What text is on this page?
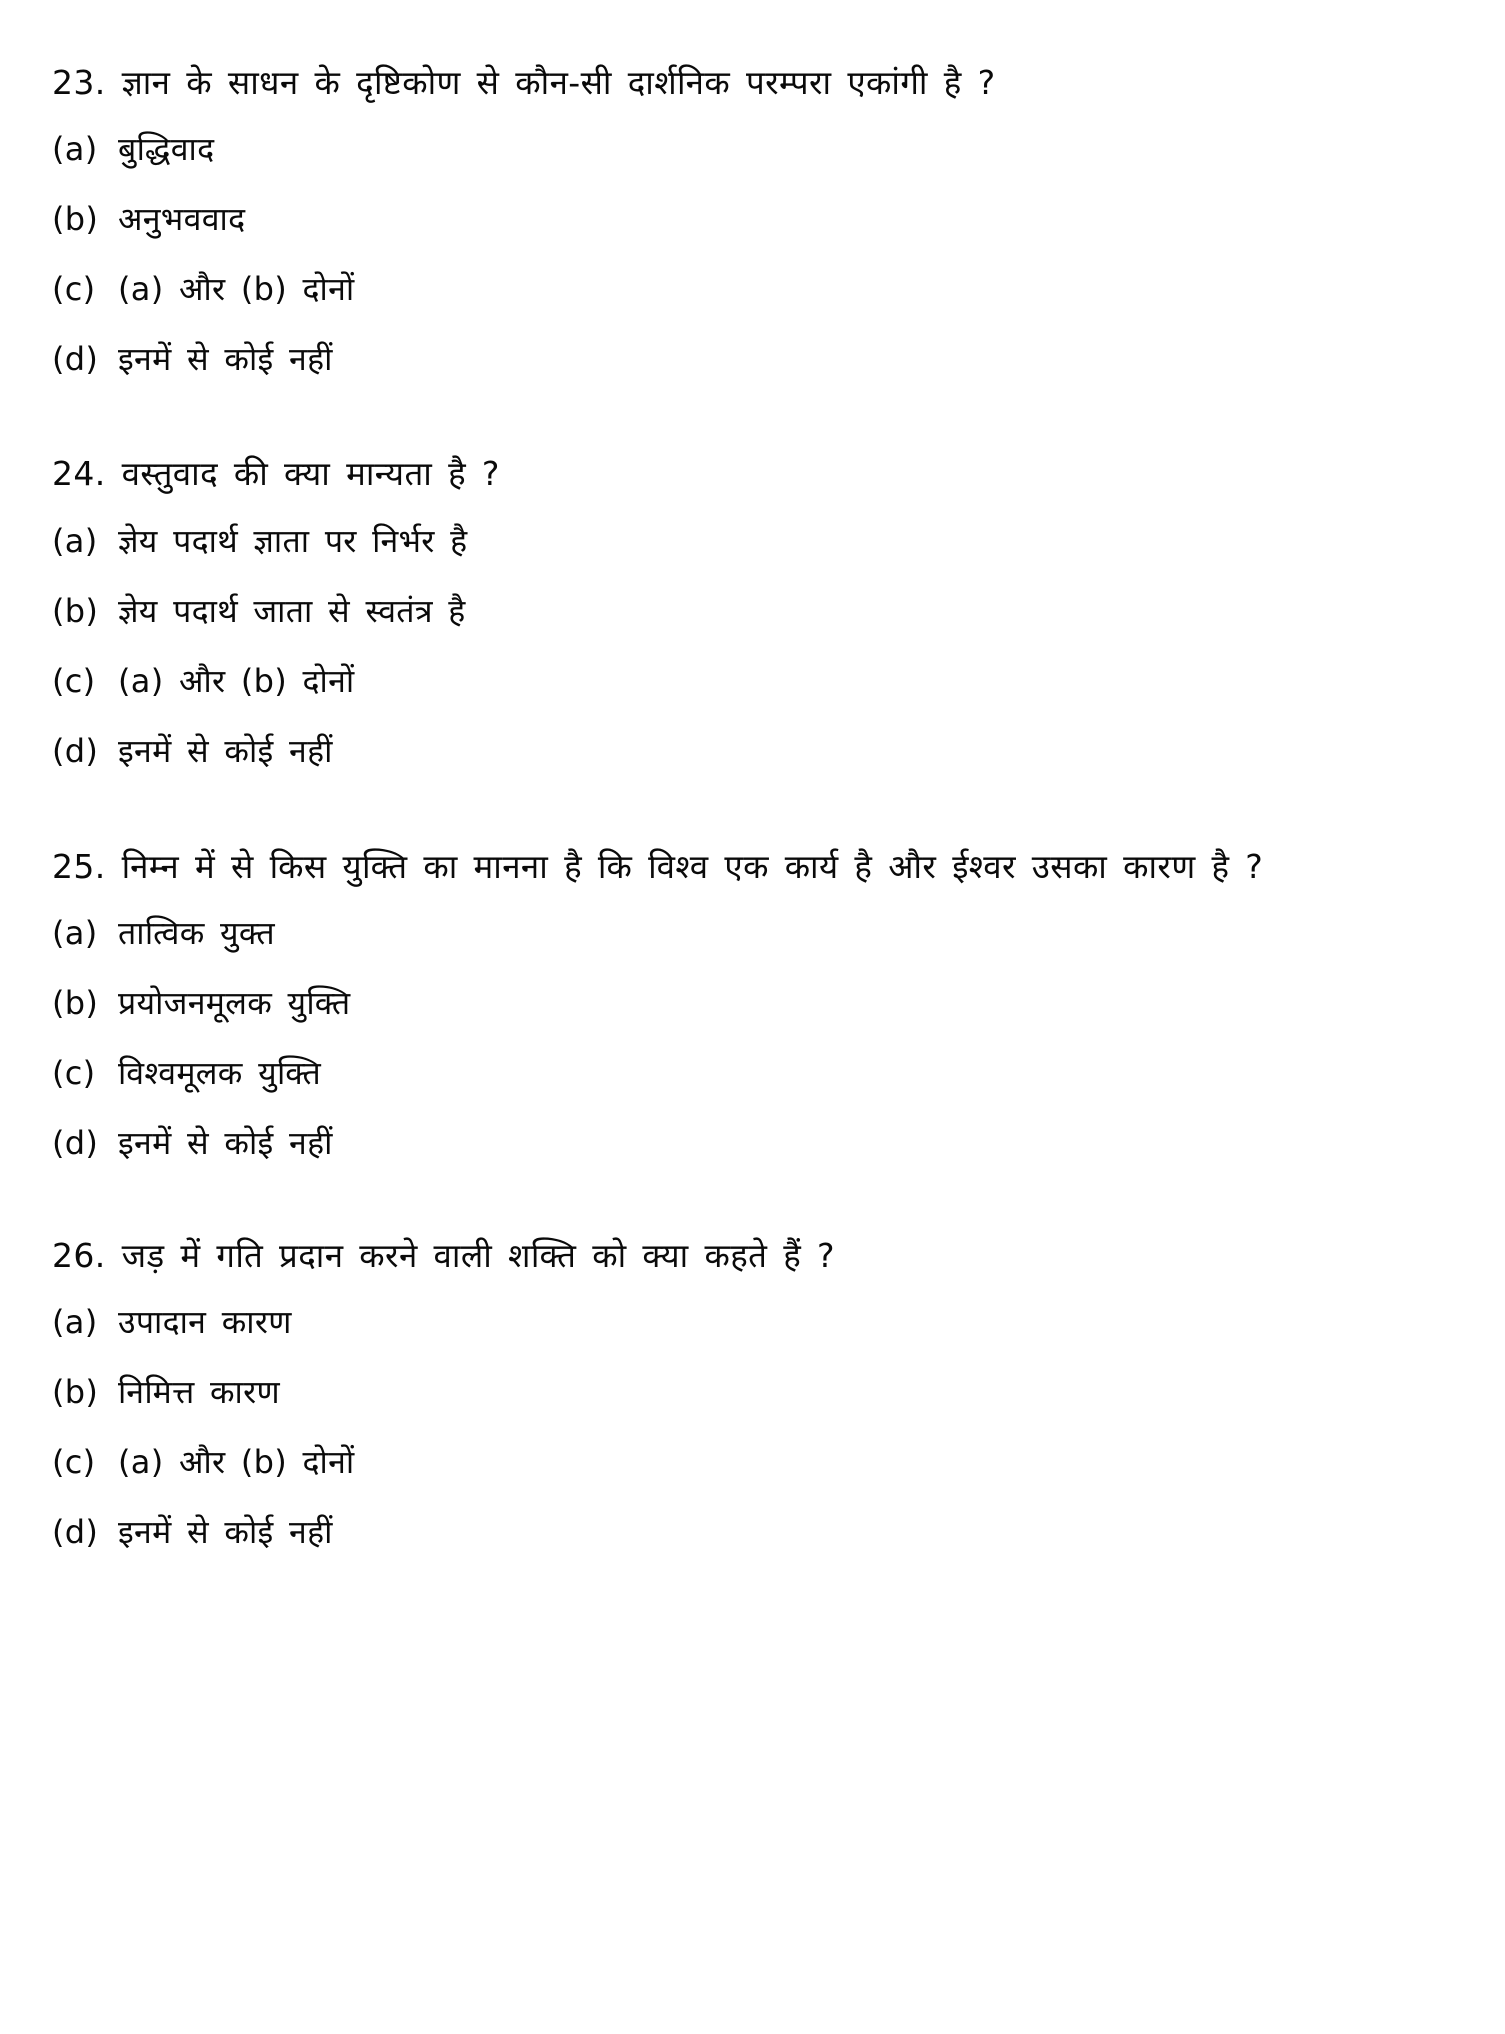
23. ज्ञान के साधन के दृष्टिकोण से कौन-सी दार्शनिक परम्परा एकांगी है ?

(a) बुद्धिवाद
(b) अनुभववाद
(c) (a) और (b) दोनों
(d) इनमें से कोई नहीं

24. वस्तुवाद की क्या मान्यता है ?

(a) ज्ञेय पदार्थ ज्ञाता पर निर्भर है
(b) ज्ञेय पदार्थ जाता से स्वतंत्र है
(c) (a) और (b) दोनों
(d) इनमें से कोई नहीं

25. निम्न में से किस युक्ति का मानना है कि विश्व एक कार्य है और ईश्वर उसका कारण है ?

(a) तात्विक युक्त
(b) प्रयोजनमूलक युक्ति
(c) विश्वमूलक युक्ति
(d) इनमें से कोई नहीं

26. जड़ में गति प्रदान करने वाली शक्ति को क्या कहते हैं ?

(a) उपादान कारण
(b) निमित्त कारण
(c) (a) और (b) दोनों
(d) इनमें से कोई नहीं
